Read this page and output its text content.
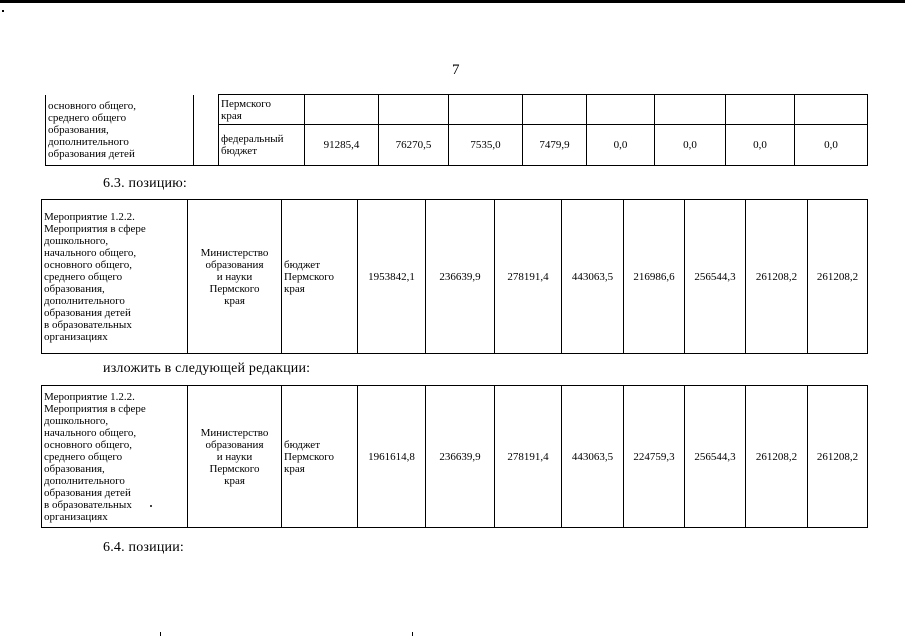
7
основного общего,
среднего общего
образования,
дополнительного
образования детей		Пермского
края								
		федеральный
бюджет	91285,4	76270,5	7535,0	7479,9	0,0	0,0	0,0	0,0
6.3. позицию:
Мероприятие 1.2.2.
Мероприятия в сфере
дошкольного,
начального общего,
основного общего,
среднего общего
образования,
дополнительного
образования детей
в образовательных
организациях	Министерство
образования
и науки
Пермского
края	бюджет
Пермского
края	1953842,1	236639,9	278191,4	443063,5	216986,6	256544,3	261208,2	261208,2
изложить в следующей редакции:
Мероприятие 1.2.2.
Мероприятия в сфере
дошкольного,
начального общего,
основного общего,
среднего общего
образования,
дополнительного
образования детей
в образовательных
организациях	Министерство
образования
и науки
Пермского
края	бюджет
Пермского
края	1961614,8	236639,9	278191,4	443063,5	224759,3	256544,3	261208,2	261208,2
6.4. позиции:
